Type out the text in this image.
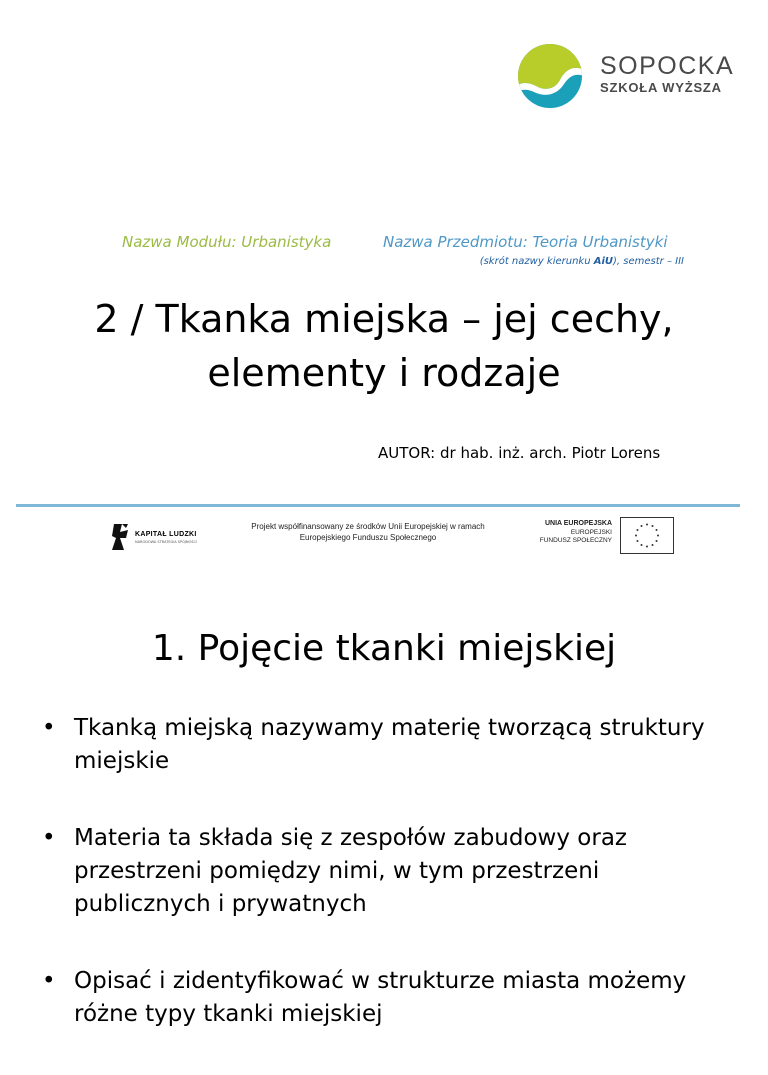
SOPOCKA
SZKOŁA WYŻSZA
Nazwa Modułu: Urbanistyka	Nazwa Przedmiotu: Teoria Urbanistyki
(skrót nazwy kierunku AiU), semestr – III
2 / Tkanka miejska – jej cechy,
elementy i rodzaje
AUTOR: dr hab. inż. arch. Piotr Lorens
KAPITAŁ LUDZKI
NARODOWA STRATEGIA SPÓJNOŚCI
Projekt współfinansowany ze środków Unii Europejskiej w ramach
Europejskiego Funduszu Społecznego
UNIA EUROPEJSKA
EUROPEJSKI
FUNDUSZ SPOŁECZNY
1. Pojęcie tkanki miejskiej
• Tkanką miejską nazywamy materię tworzącą struktury miejskie
• Materia ta składa się z zespołów zabudowy oraz przestrzeni pomiędzy nimi, w tym przestrzeni publicznych i prywatnych
• Opisać i zidentyfikować w strukturze miasta możemy różne typy tkanki miejskiej
